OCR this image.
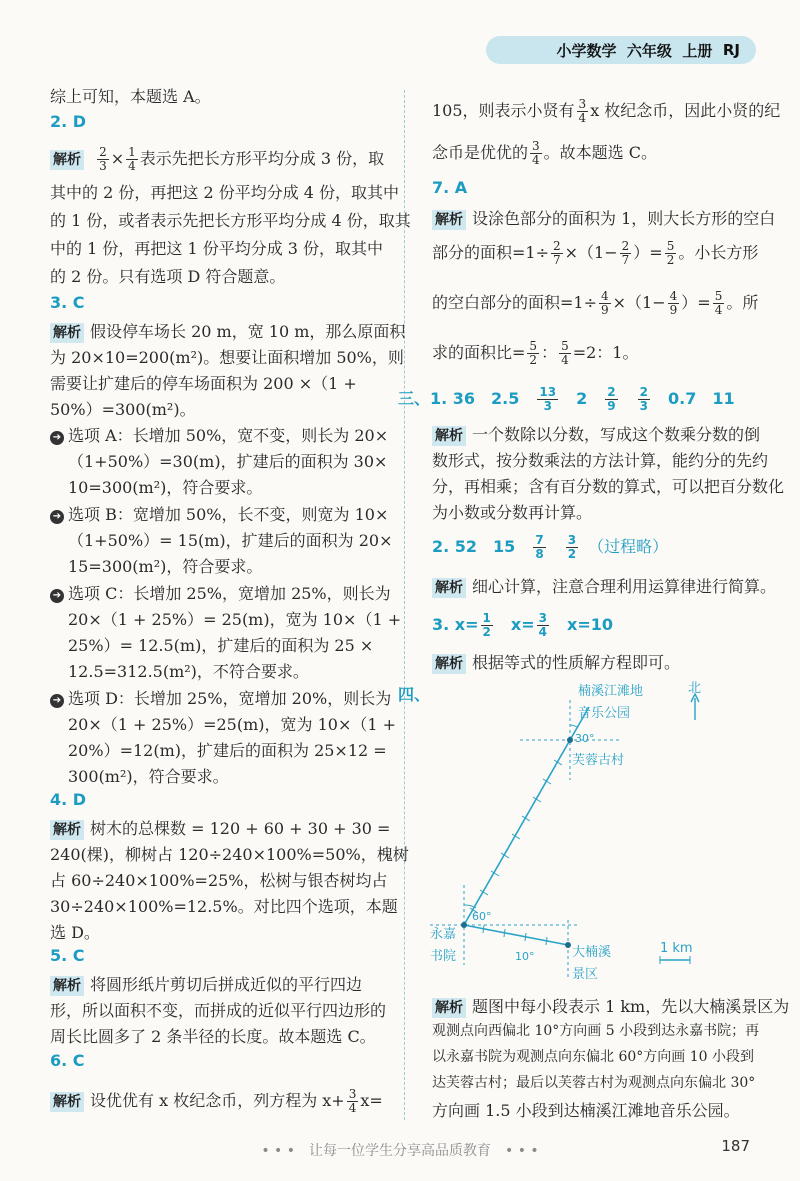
小学数学
六年级
上册
RJ
综上可知，本题选 A。
2. D
解析 $\frac{2}{3} \times \frac{1}{4}$ 表示先把长方形平均分成 3 份，取
其中的 2 份，再把这 2 份平均分成 4 份，取其中
的 1 份，或者表示先把长方形平均分成 4 份，取其
中的 1 份，再把这 1 份平均分成 3 份，取其中
的 2 份。只有选项 D 符合题意。
3. C
解析 假设停车场长 20 m，宽 10 m，那么原面积
为 20×10=200(m²)。想要让面积增加 50%，则
需要让扩建后的停车场面积为 200 ×（1 +
50%）=300(m²)。
➔ 选项 A：长增加 50%，宽不变，则长为 20×
（1+50%）=30(m)，扩建后的面积为 30×
10=300(m²)，符合要求。
➔ 选项 B：宽增加 50%，长不变，则宽为 10×
（1+50%）= 15(m)，扩建后的面积为 20×
15=300(m²)，符合要求。
➔ 选项 C：长增加 25%，宽增加 25%，则长为
20×（1 + 25%）= 25(m)，宽为 10×（1 +
25%）= 12.5(m)，扩建后的面积为 25 ×
12.5=312.5(m²)，不符合要求。
➔ 选项 D：长增加 25%，宽增加 20%，则长为
20×（1 + 25%）=25(m)，宽为 10×（1 +
20%）=12(m)，扩建后的面积为 25×12 =
300(m²)，符合要求。
4. D
解析 树木的总棵数 = 120 + 60 + 30 + 30 =
240(棵)，柳树占 120÷240×100%=50%，槐树
占 60÷240×100%=25%，松树与银杏树均占
30÷240×100%=12.5%。对比四个选项，本题
选 D。
5. C
解析 将圆形纸片剪切后拼成近似的平行四边
形，所以面积不变，而拼成的近似平行四边形的
周长比圆多了 2 条半径的长度。故本题选 C。
6. C
解析 设优优有 x 枚纪念币，列方程为 $x+ \frac{3}{4} x=$
105，则表示小贤有 $\frac{3}{4}$ x 枚纪念币，因此小贤的纪
念币是优优的 $\frac{3}{4}$ 。故本题选 C。
7. A
解析 设涂色部分的面积为 1，则大长方形的空白
部分的面积$=1\div \frac{2}{7} \times(1- \frac{2}{7}$ ）= $\frac{5}{2}$ 。小长方形
的空白部分的面积$=1\div \frac{4}{9} \times(1- \frac{4}{9}$ ）= $\frac{5}{4}$ 。所
求的面积比= $\frac{5}{2}$ ： $\frac{5}{4} =2$：1。
三、1. 36　2.5　 $\frac{13}{3}$
　 2　 $\frac{2}{9}$
　 $\frac{2}{3}$
　 0.7　11
解析 一个数除以分数，写成这个数乘分数的倒
数形式，按分数乘法的方法计算，能约分的先约
分，再相乘；含有百分数的算式，可以把百分数化
为小数或分数再计算。
2. 52　15　 $\frac{7}{8}$
　 $\frac{3}{2}$
　 （过程略）
解析 细心计算，注意合理利用运算律进行简算。
3. $x= \frac{1}{2}$
　 $x= \frac{3}{4}$
　 x=10
解析 根据等式的性质解方程即可。
四、	北
1 km
楠溪江滩地
音乐公园
芙蓉古村
永嘉
书院	大楠溪
景区
30°
60°
10°
解析 题图中每小段表示 1 km，先以大楠溪景区为
观测点向西偏北 10°方向画 5 小段到达永嘉书院；再
以永嘉书院为观测点向东偏北 60°方向画 10 小段到
达芙蓉古村；最后以芙蓉古村为观测点向东偏北 30°
方向画 1.5 小段到达楠溪江滩地音乐公园。
• • •　让每一位学生分享高品质教育　• • •	187
